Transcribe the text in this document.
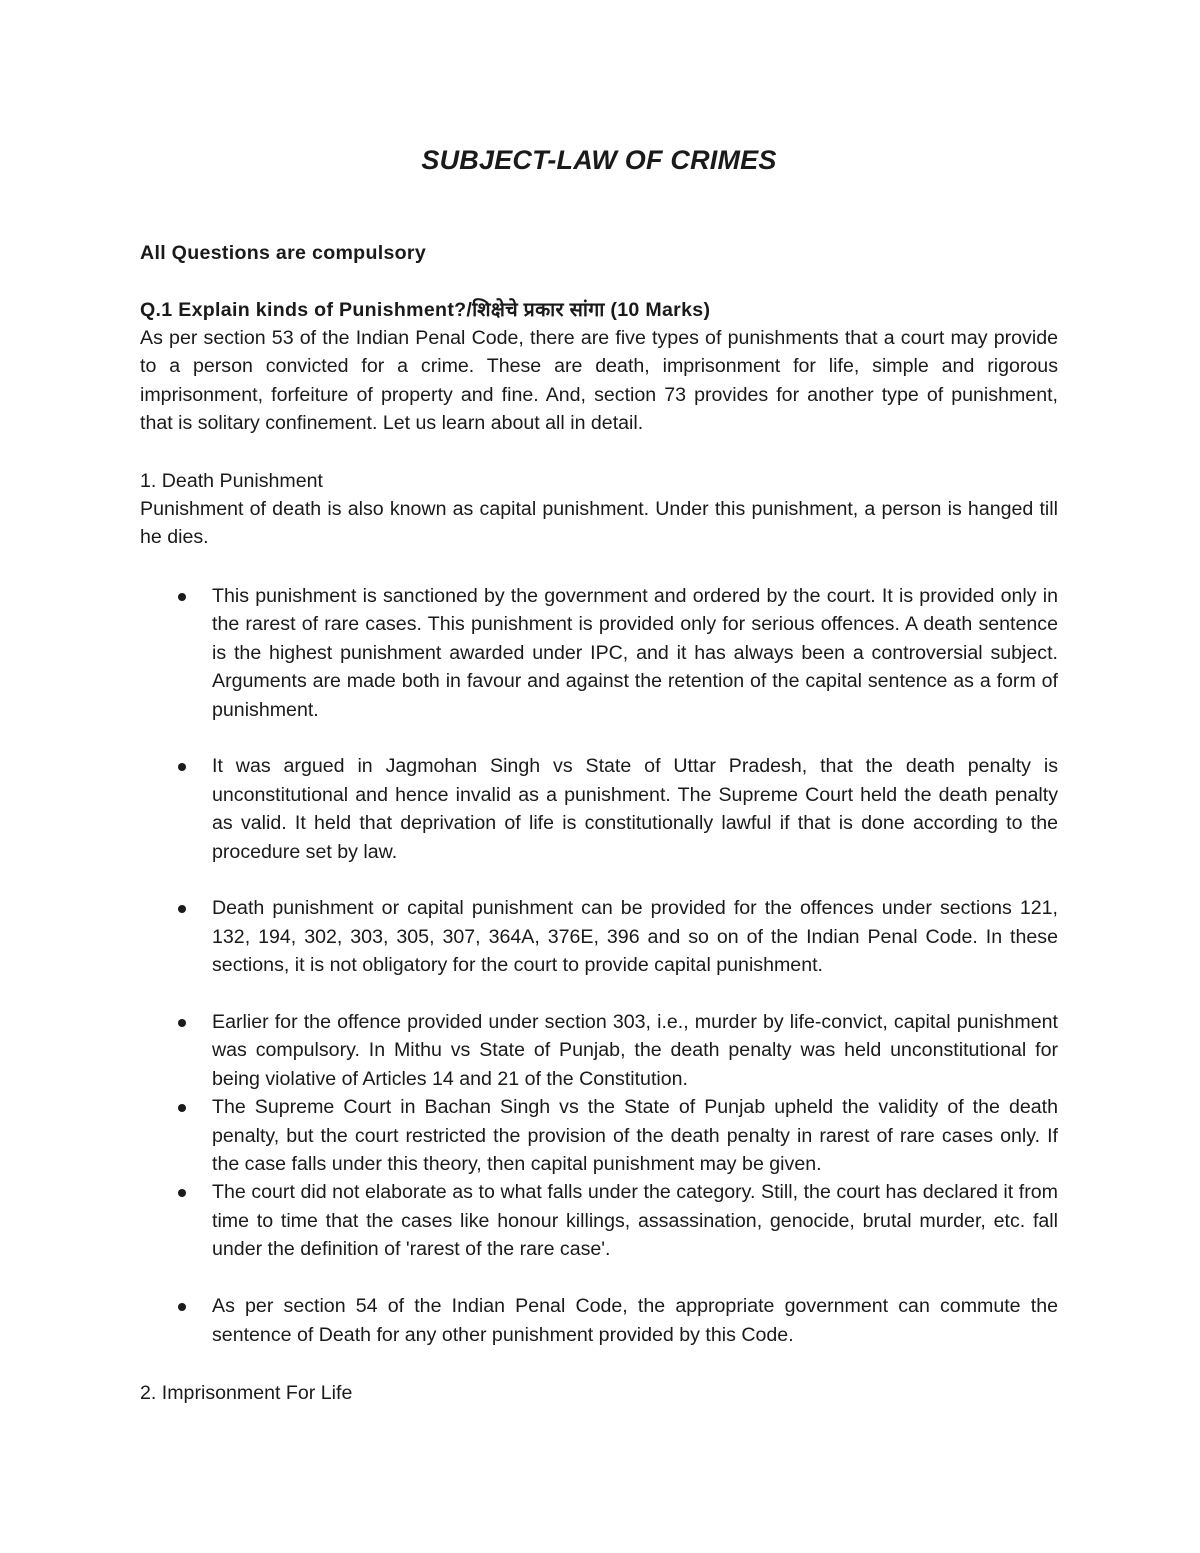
SUBJECT-LAW OF CRIMES
All Questions are compulsory
Q.1 Explain kinds of Punishment?/शिक्षेचे प्रकार सांगा (10 Marks)
As per section 53 of the Indian Penal Code, there are five types of punishments that a court may provide to a person convicted for a crime. These are death, imprisonment for life, simple and rigorous imprisonment, forfeiture of property and fine. And, section 73 provides for another type of punishment, that is solitary confinement. Let us learn about all in detail.
1. Death Punishment
Punishment of death is also known as capital punishment. Under this punishment, a person is hanged till he dies.
This punishment is sanctioned by the government and ordered by the court. It is provided only in the rarest of rare cases. This punishment is provided only for serious offences. A death sentence is the highest punishment awarded under IPC, and it has always been a controversial subject. Arguments are made both in favour and against the retention of the capital sentence as a form of punishment.
It was argued in Jagmohan Singh vs State of Uttar Pradesh, that the death penalty is unconstitutional and hence invalid as a punishment. The Supreme Court held the death penalty as valid. It held that deprivation of life is constitutionally lawful if that is done according to the procedure set by law.
Death punishment or capital punishment can be provided for the offences under sections 121, 132, 194, 302, 303, 305, 307, 364A, 376E, 396 and so on of the Indian Penal Code. In these sections, it is not obligatory for the court to provide capital punishment.
Earlier for the offence provided under section 303, i.e., murder by life-convict, capital punishment was compulsory. In Mithu vs State of Punjab, the death penalty was held unconstitutional for being violative of Articles 14 and 21 of the Constitution.
The Supreme Court in Bachan Singh vs the State of Punjab upheld the validity of the death penalty, but the court restricted the provision of the death penalty in rarest of rare cases only. If the case falls under this theory, then capital punishment may be given.
The court did not elaborate as to what falls under the category. Still, the court has declared it from time to time that the cases like honour killings, assassination, genocide, brutal murder, etc. fall under the definition of 'rarest of the rare case'.
As per section 54 of the Indian Penal Code, the appropriate government can commute the sentence of Death for any other punishment provided by this Code.
2. Imprisonment For Life
